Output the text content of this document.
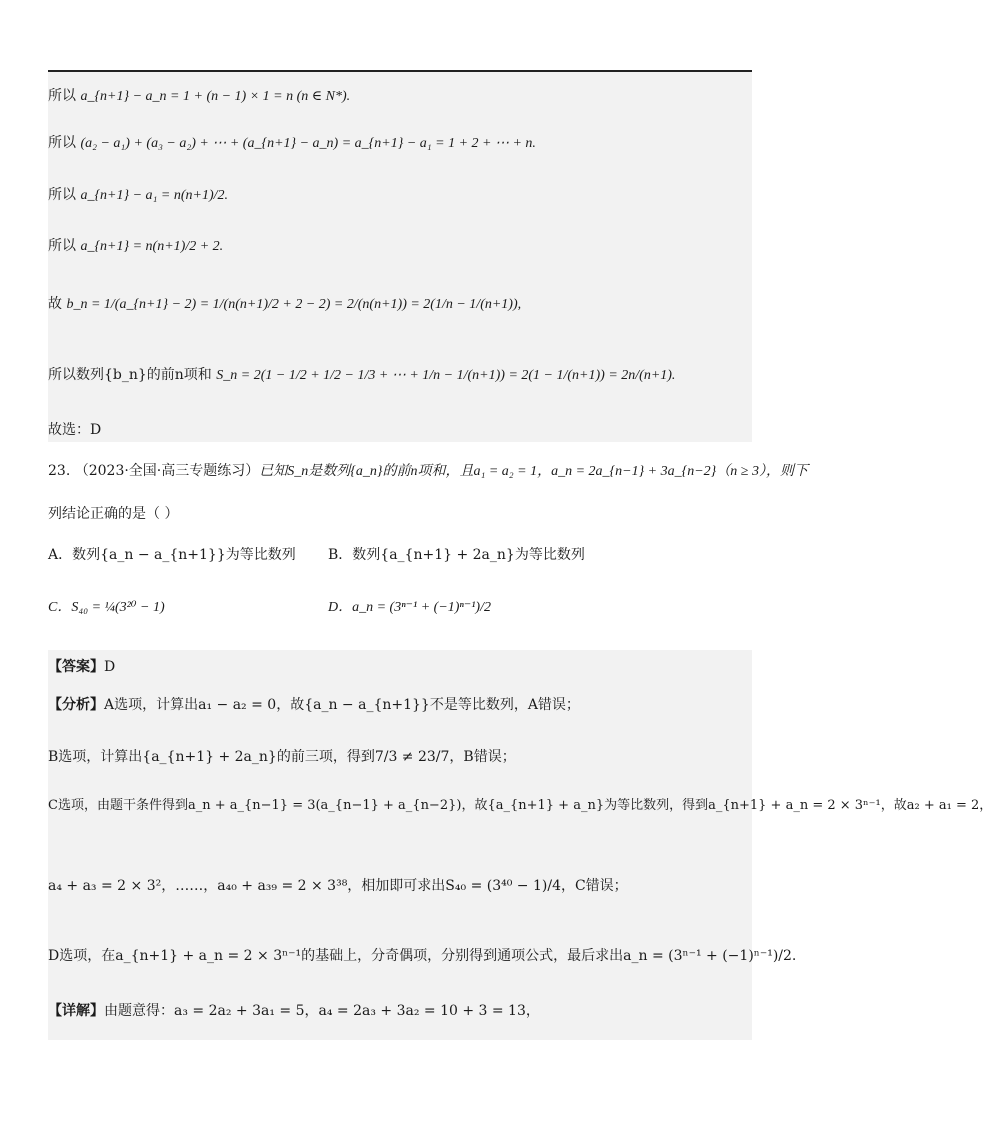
所以 a_{n+1} − a_n = 1 + (n − 1) × 1 = n (n ∈ N*).
所以 (a₂ − a₁) + (a₃ − a₂) + ⋯ + (a_{n+1} − a_n) = a_{n+1} − a₁ = 1 + 2 + ⋯ + n.
所以 a_{n+1} − a₁ = n(n+1)/2.
所以 a_{n+1} = n(n+1)/2 + 2.
故 b_n = 1/(a_{n+1} − 2) = 1/(n(n+1)/2 + 2 − 2) = 2/(n(n+1)) = 2(1/n − 1/(n+1)),
所以数列{b_n}的前n项和 S_n = 2(1 − 1/2 + 1/2 − 1/3 + ⋯ + 1/n − 1/(n+1)) = 2(1 − 1/(n+1)) = 2n/(n+1).
故选：D
23. （2023·全国·高三专题练习）已知S_n是数列{a_n}的前n项和，且a₁ = a₂ = 1，a_n = 2a_{n−1} + 3a_{n−2}（n ≥ 3），则下
列结论正确的是（ ）
A．数列{a_n − a_{n+1}}为等比数列 B．数列{a_{n+1} + 2a_n}为等比数列
C．S₄₀ = ¼(3²⁰ − 1)	D．a_n = (3ⁿ⁻¹ + (−1)ⁿ⁻¹)/2
【答案】D
【分析】A选项，计算出a₁ − a₂ = 0，故{a_n − a_{n+1}}不是等比数列，A错误；
B选项，计算出{a_{n+1} + 2a_n}的前三项，得到7/3 ≠ 23/7，B错误；
C选项，由题干条件得到a_n + a_{n−1} = 3(a_{n−1} + a_{n−2})，故{a_{n+1} + a_n}为等比数列，得到a_{n+1} + a_n = 2 × 3ⁿ⁻¹，故a₂ + a₁ = 2，
a₄ + a₃ = 2 × 3²，……，a₄₀ + a₃₉ = 2 × 3³⁸，相加即可求出S₄₀ = (3⁴⁰ − 1)/4，C错误；
D选项，在a_{n+1} + a_n = 2 × 3ⁿ⁻¹的基础上，分奇偶项，分别得到通项公式，最后求出a_n = (3ⁿ⁻¹ + (−1)ⁿ⁻¹)/2.
【详解】由题意得：a₃ = 2a₂ + 3a₁ = 5，a₄ = 2a₃ + 3a₂ = 10 + 3 = 13，
